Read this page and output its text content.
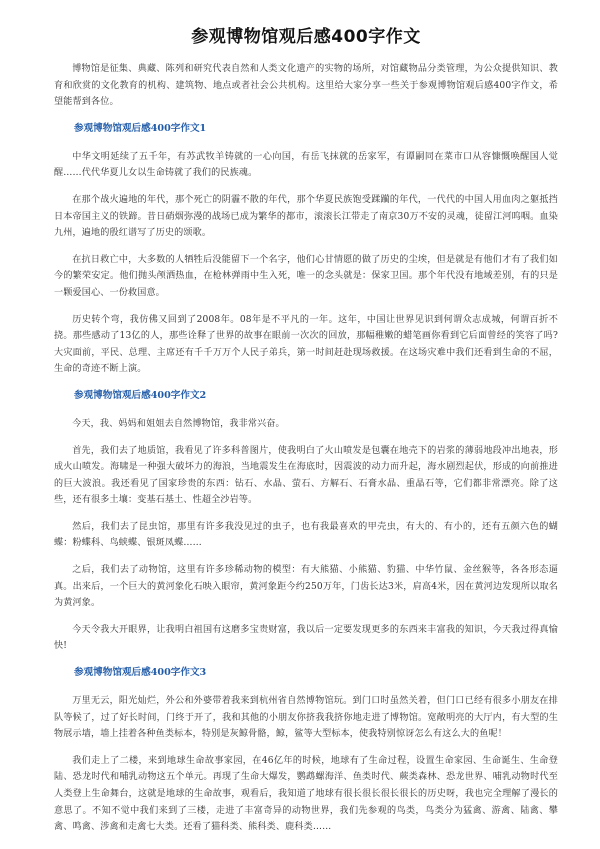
参观博物馆观后感400字作文

博物馆是征集、典藏、陈列和研究代表自然和人类文化遗产的实物的场所，对馆藏物品分类管理，为公众提供知识、教育和欣赏的文化教育的机构、建筑物、地点或者社会公共机构。这里给大家分享一些关于参观博物馆观后感400字作文，希望能帮到各位。

参观博物馆观后感400字作文1

中华文明延续了五千年，有苏武牧羊铸就的一心向国，有岳飞抹就的岳家军，有谭嗣同在菜市口从容慷慨唤醒国人觉醒……代代华夏儿女以生命铸就了我们的民族魂。

在那个战火遍地的年代，那个死亡的阴霾不散的年代，那个华夏民族饱受蹂躏的年代，一代代的中国人用血肉之躯抵挡日本帝国主义的铁蹄。昔日硝烟弥漫的战场已成为繁华的都市，滚滚长江带走了南京30万不安的灵魂，徒留江河呜咽。血染九州，遍地的殷红谱写了历史的颂歌。

在抗日救亡中，大多数的人牺牲后没能留下一个名字，他们心甘情愿的做了历史的尘埃，但是就是有他们才有了我们如今的繁荣安定。他们抛头颅洒热血，在枪林弹雨中生入死，唯一的念头就是：保家卫国。那个年代没有地域差别，有的只是一颗爱国心、一份救国意。

历史转个弯，我仿佛又回到了2008年。08年是不平凡的一年。这年，中国让世界见识到何谓众志成城，何谓百折不挠。那些感动了13亿的人，那些诠释了世界的故事在眼前一次次的回放，那幅稚嫩的蜡笔画你看到它后面曾经的笑容了吗?大灾面前，平民、总理、主席还有千千万万个人民子弟兵，第一时间赶赴现场救援。在这场灾难中我们还看到生命的不屈，生命的奇迹不断上演。

参观博物馆观后感400字作文2

今天，我、妈妈和姐姐去自然博物馆，我非常兴奋。

首先，我们去了地质馆，我看见了许多科普图片，使我明白了火山喷发是包囊在地壳下的岩浆的薄弱地段冲出地表，形成火山喷发。海啸是一种强大破坏力的海浪，当地震发生在海底时，因震波的动力而升起，海水剧烈起伏，形成的向前推进的巨大波浪。我还看见了国家珍贵的东西：钻石、水晶、萤石、方解石、石膏水晶、重晶石等，它们都非常漂亮。除了这些，还有很多土壤：变基石基土、性超全沙岩等。

然后，我们去了昆虫馆，那里有许多我没见过的虫子，也有我最喜欢的甲壳虫，有大的、有小的，还有五颜六色的蝴蝶：粉蝶科、鸟蛱蝶、银斑凤蝶……

之后，我们去了动物馆，这里有许多珍稀动物的模型：有大熊猫、小熊猫、豹猫、中华竹鼠、金丝猴等，各各形态逼真。出来后，一个巨大的黄河象化石映入眼帘，黄河象距今约250万年，门齿长达3米，肩高4米，因在黄河边发现所以取名为黄河象。

今天令我大开眼界，让我明白祖国有这磨多宝贵财富，我以后一定要发现更多的东西来丰富我的知识，今天我过得真愉快!

参观博物馆观后感400字作文3

万里无云，阳光灿烂，外公和外婆带着我来到杭州省自然博物馆玩。到门口时虽然关着，但门口已经有很多小朋友在排队等候了，过了好长时间，门终于开了，我和其他的小朋友你挤我我挤你地走进了博物馆。宽敞明亮的大厅内，有大型的生物展示墙，墙上挂着各种鱼类标本，特别是灰鲸骨骼，鲸，鲨等大型标本，使我特别惊讶怎么有这么大的鱼呢！

我们走上了二楼，来到地球生命故事家园，在46亿年的时候，地球有了生命过程，设置生命家园、生命诞生、生命登陆、恐龙时代和哺乳动物这五个单元。再现了生命大爆发，鹦鹉螺海洋、鱼类时代、蕨类森林、恐龙世界、哺乳动物时代至人类登上生命舞台，这就是地球的生命故事，观看后，我知道了地球有很长很长很长很长的历史呀，我也完全理解了漫长的意思了。不知不觉中我们来到了三楼，走进了丰富奇异的动物世界，我们先参观的鸟类，鸟类分为猛禽、游禽、陆禽、攀禽、鸣禽、涉禽和走禽七大类。还看了猫科类、熊科类、鹿科类……
